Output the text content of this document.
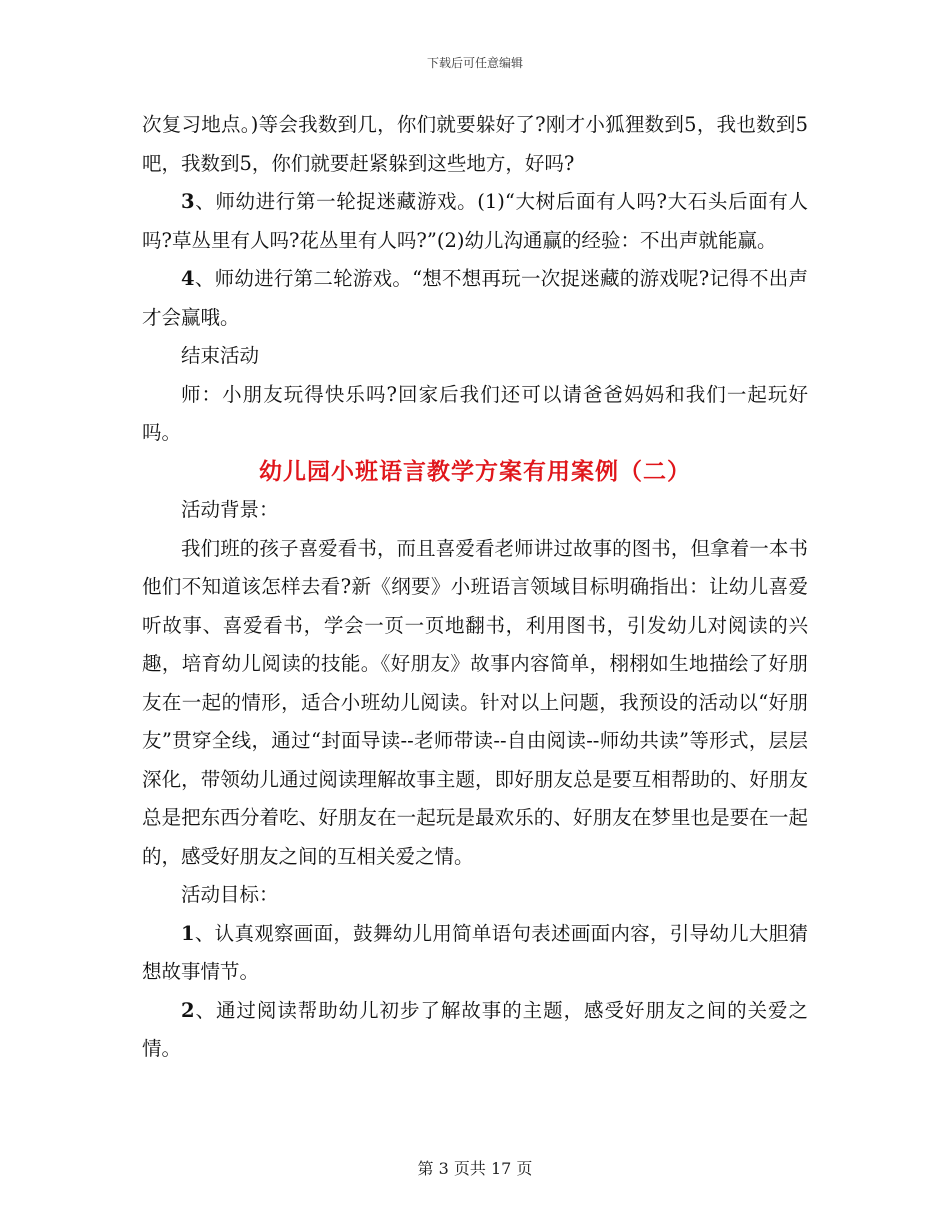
下载后可任意编辑

次复习地点。)等会我数到几，你们就要躲好了?刚才小狐狸数到5，我也数到5吧，我数到5，你们就要赶紧躲到这些地方，好吗?

3、师幼进行第一轮捉迷藏游戏。(1)“大树后面有人吗?大石头后面有人吗?草丛里有人吗?花丛里有人吗?”(2)幼儿沟通赢的经验：不出声就能赢。

4、师幼进行第二轮游戏。“想不想再玩一次捉迷藏的游戏呢?记得不出声才会赢哦。

结束活动

师：小朋友玩得快乐吗?回家后我们还可以请爸爸妈妈和我们一起玩好吗。

幼儿园小班语言教学方案有用案例（二）

活动背景：

我们班的孩子喜爱看书，而且喜爱看老师讲过故事的图书，但拿着一本书他们不知道该怎样去看?新《纲要》小班语言领域目标明确指出：让幼儿喜爱听故事、喜爱看书，学会一页一页地翻书，利用图书，引发幼儿对阅读的兴趣，培育幼儿阅读的技能。《好朋友》故事内容简单，栩栩如生地描绘了好朋友在一起的情形，适合小班幼儿阅读。针对以上问题，我预设的活动以“好朋友”贯穿全线，通过“封面导读--老师带读--自由阅读--师幼共读”等形式，层层深化，带领幼儿通过阅读理解故事主题，即好朋友总是要互相帮助的、好朋友总是把东西分着吃、好朋友在一起玩是最欢乐的、好朋友在梦里也是要在一起的，感受好朋友之间的互相关爱之情。

活动目标：

1、认真观察画面，鼓舞幼儿用简单语句表述画面内容，引导幼儿大胆猜想故事情节。

2、通过阅读帮助幼儿初步了解故事的主题，感受好朋友之间的关爱之情。

第 3 页共 17 页
